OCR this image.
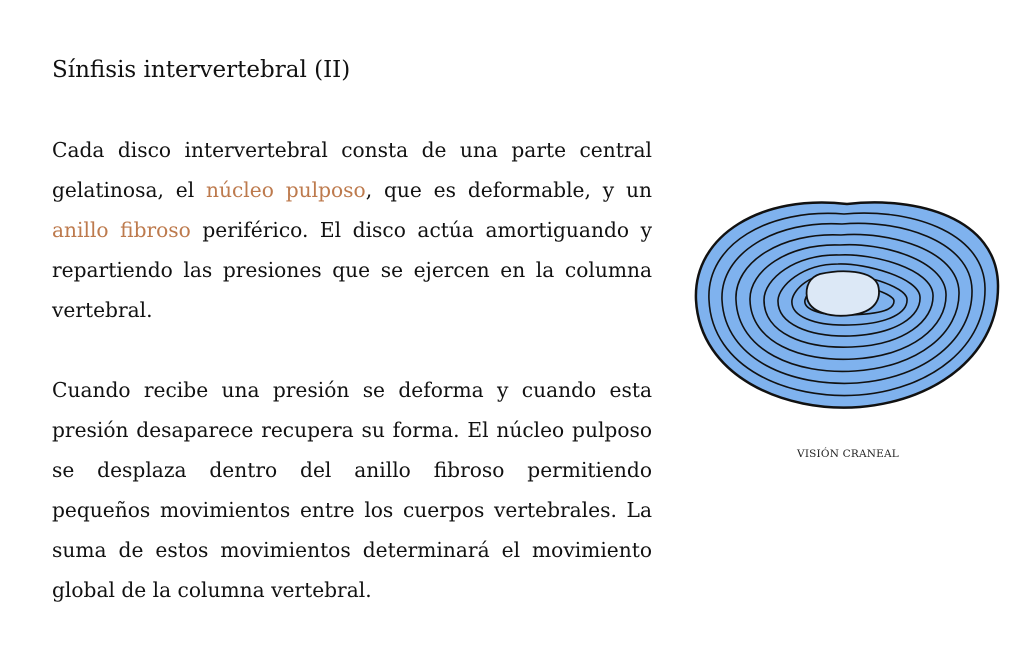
Sínfisis intervertebral (II)

Cada disco intervertebral consta de una parte central gelatinosa, el núcleo pulposo, que es deformable, y un anillo fibroso periférico. El disco actúa amortiguando y repartiendo las presiones que se ejercen en la columna vertebral.

Cuando recibe una presión se deforma y cuando esta presión desaparece recupera su forma. El núcleo pulposo se desplaza dentro del anillo fibroso permitiendo pequeños movimientos entre los cuerpos vertebrales. La suma de estos movimientos determinará el movimiento global de la columna vertebral.

VISIÓN CRANEAL
